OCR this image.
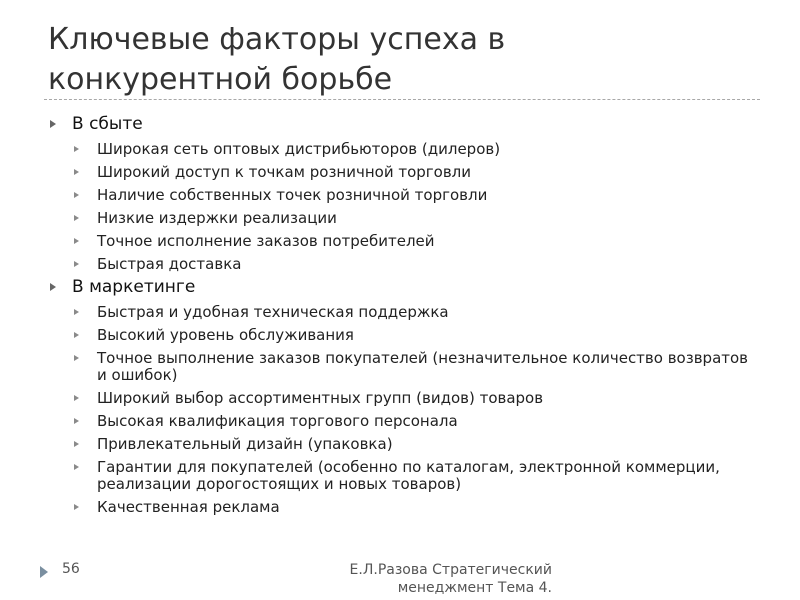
Ключевые факторы успеха в
конкурентной борьбе
В сбыте
Широкая сеть оптовых дистрибьюторов (дилеров)
Широкий доступ к точкам розничной торговли
Наличие собственных точек розничной торговли
Низкие издержки реализации
Точное исполнение заказов потребителей
Быстрая доставка
В маркетинге
Быстрая и удобная техническая поддержка
Высокий уровень обслуживания
Точное выполнение заказов покупателей (незначительное количество возвратов и ошибок)
Широкий выбор ассортиментных групп (видов) товаров
Высокая квалификация торгового персонала
Привлекательный дизайн (упаковка)
Гарантии для покупателей (особенно по каталогам, электронной коммерции, реализации дорогостоящих и новых товаров)
Качественная реклама
56	Е.Л.Разова Стратегический
менеджмент Тема 4.
